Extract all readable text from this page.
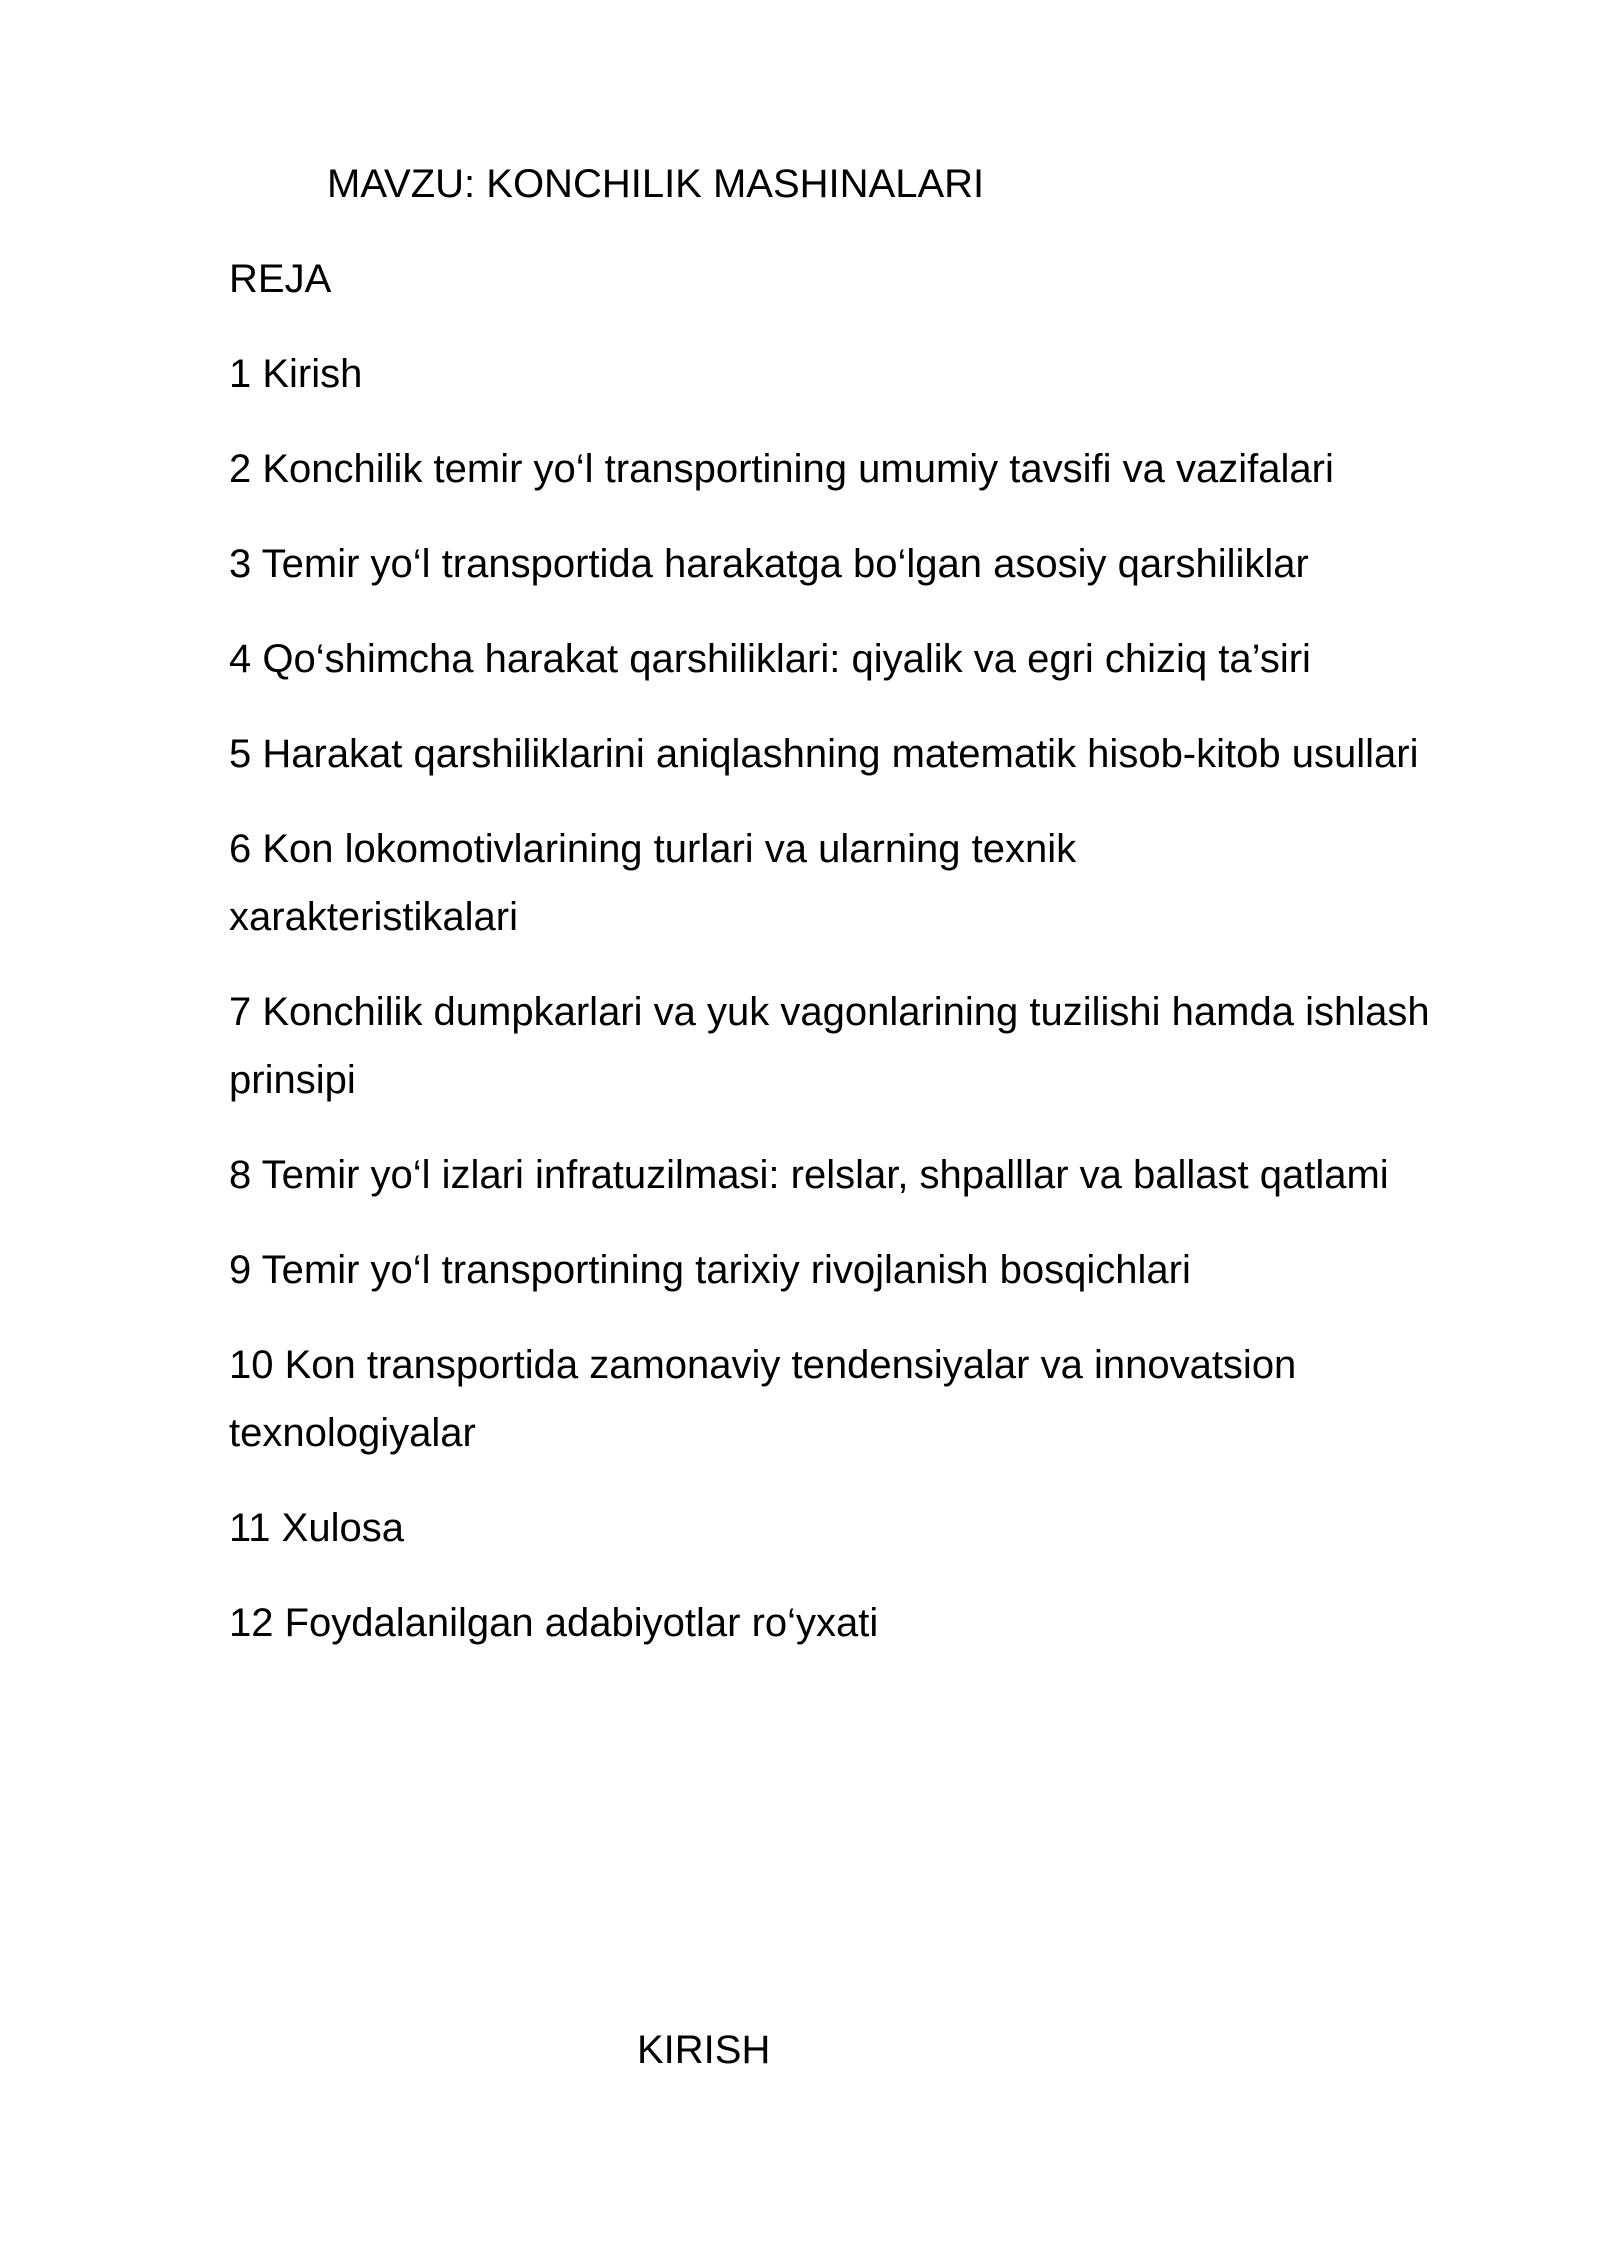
MAVZU: KONCHILIK MASHINALARI
REJA
1 Kirish
2 Konchilik temir yo‘l transportining umumiy tavsifi va vazifalari
3 Temir yo‘l transportida harakatga bo‘lgan asosiy qarshiliklar
4 Qo‘shimcha harakat qarshiliklari: qiyalik va egri chiziq ta’siri
5 Harakat qarshiliklarini aniqlashning matematik hisob-kitob usullari
6 Kon lokomotivlarining turlari va ularning texnik xarakteristikalari
7 Konchilik dumpkarlari va yuk vagonlarining tuzilishi hamda ishlash prinsipi
8 Temir yo‘l izlari infratuzilmasi: relslar, shpalllar va ballast qatlami
9 Temir yo‘l transportining tarixiy rivojlanish bosqichlari
10 Kon transportida zamonaviy tendensiyalar va innovatsion texnologiyalar
11 Xulosa
12 Foydalanilgan adabiyotlar ro‘yxati
KIRISH
